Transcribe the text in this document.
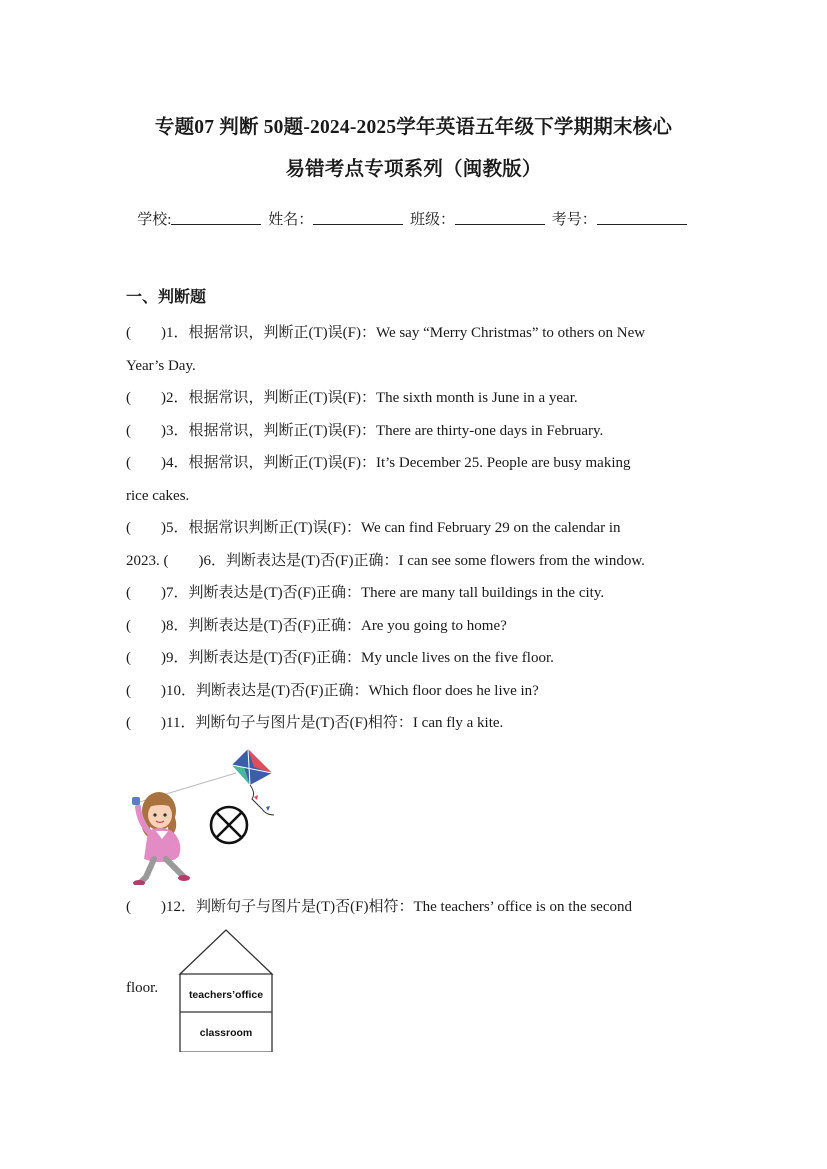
专题07 判断 50题-2024-2025学年英语五年级下学期期末核心
易错考点专项系列（闽教版）
学校:	姓名：	班级：	考号：
一、判断题
( )1．根据常识，判断正(T)误(F)：We say “Merry Christmas” to others on New
Year’s Day.
( )2．根据常识，判断正(T)误(F)：The sixth month is June in a year.
( )3．根据常识，判断正(T)误(F)：There are thirty-one days in February.
( )4．根据常识，判断正(T)误(F)：It’s December 25. People are busy making
rice cakes.
( )5．根据常识判断正(T)误(F)：We can find February 29 on the calendar in
2023. (　　)6．判断表达是(T)否(F)正确：I can see some flowers from the window.
( )7．判断表达是(T)否(F)正确：There are many tall buildings in the city.
( )8．判断表达是(T)否(F)正确：Are you going to home?
( )9．判断表达是(T)否(F)正确：My uncle lives on the five floor.
( )10．判断表达是(T)否(F)正确：Which floor does he live in?
( )11．判断句子与图片是(T)否(F)相符：I can fly a kite.
( )12．判断句子与图片是(T)否(F)相符：The teachers’ office is on the second
floor.	teachers’office
classroom
